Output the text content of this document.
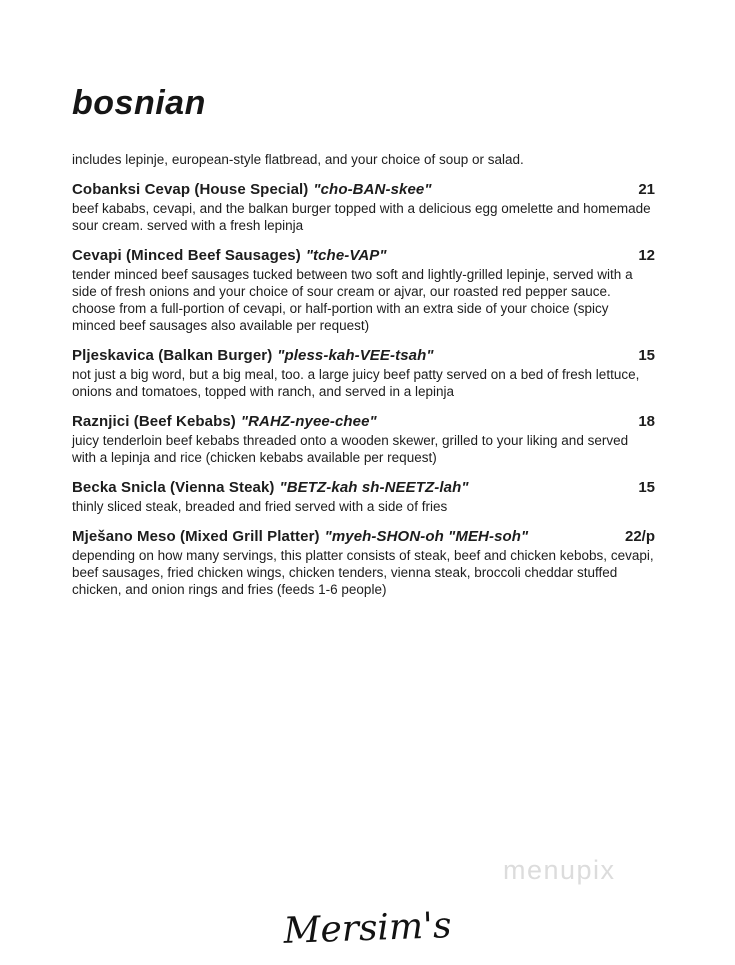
bosnian
includes lepinje, european-style flatbread, and your choice of soup or salad.
Cobanksi Cevap (House Special) "cho-BAN-skee"	21
beef kababs, cevapi, and the balkan burger topped with a delicious egg omelette and homemade sour cream. served with a fresh lepinja
Cevapi (Minced Beef Sausages) "tche-VAP"	12
tender minced beef sausages tucked between two soft and lightly-grilled lepinje, served with a side of fresh onions and your choice of sour cream or ajvar, our roasted red pepper sauce. choose from a full-portion of cevapi, or half-portion with an extra side of your choice (spicy minced beef sausages also available per request)
Pljeskavica (Balkan Burger) "pless-kah-VEE-tsah"	15
not just a big word, but a big meal, too. a large juicy beef patty served on a bed of fresh lettuce, onions and tomatoes, topped with ranch, and served in a lepinja
Raznjici (Beef Kebabs) "RAHZ-nyee-chee"	18
juicy tenderloin beef kebabs threaded onto a wooden skewer, grilled to your liking and served with a lepinja and rice (chicken kebabs available per request)
Becka Snicla (Vienna Steak) "BETZ-kah sh-NEETZ-lah"	15
thinly sliced steak, breaded and fried served with a side of fries
Mješano Meso (Mixed Grill Platter) "myeh-SHON-oh "MEH-soh"	22/p
depending on how many servings, this platter consists of steak, beef and chicken kebobs, cevapi, beef sausages, fried chicken wings, chicken tenders, vienna steak, broccoli cheddar stuffed chicken, and onion rings and fries (feeds 1-6 people)
menupix
Mersim's
